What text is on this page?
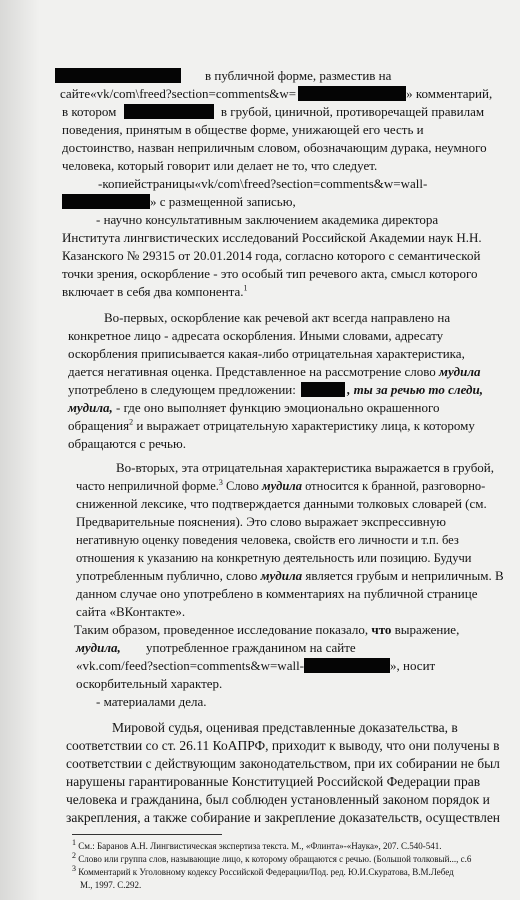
в публичной форме, разместив на
сайте«vk/com\freed?section=comments&w=	» комментарий,
в котором	в грубой, циничной, противоречащей правилам
поведения, принятым в обществе форме, унижающей его честь и
достоинство, назван неприличным словом, обозначающим дурака, неумного
человека, который говорит или делает не то, что следует.
-копиейстраницы«vk/com\freed?section=comments&w=wall-
» с размещенной записью,
- научно консультативным заключением академика директора
Института лингвистических исследований Российской Академии наук Н.Н.
Казанского № 29315 от 20.01.2014 года, согласно которого с семантической
точки зрения, оскорбление - это особый тип речевого акта, смысл которого
включает в себя два компонента.$^1$
Во-первых, оскорбление как речевой акт всегда направлено на
конкретное лицо - адресата оскорбления. Иными словами, адресату
оскорбления приписывается какая-либо отрицательная характеристика,
дается негативная оценка. Представленное на рассмотрение слово мудила
употреблено в следующем предложении:	, ты за речью то следи,
мудила, - где оно выполняет функцию эмоционально окрашенного
обращения$^2$ и выражает отрицательную характеристику лица, к которому
обращаются с речью.
Во-вторых, эта отрицательная характеристика выражается в грубой,
часто неприличной форме.$^3$ Слово мудила относится к бранной, разговорно-
сниженной лексике, что подтверждается данными толковых словарей (см.
Предварительные пояснения). Это слово выражает экспрессивную
негативную оценку поведения человека, свойств его личности и т.п. без
отношения к указанию на конкретную деятельность или позицию. Будучи
употребленным публично, слово мудила является грубым и неприличным. В
данном случае оно употреблено в комментариях на публичной странице
сайта «ВКонтакте».
Таким образом, проведенное исследование показало, что выражение,
мудила, употребленное гражданином на сайте
«vk.com/feed?section=comments&w=wall-	», носит
оскорбительный характер.
- материалами дела.
Мировой судья, оценивая представленные доказательства, в
соответствии со ст. 26.11 КоАПРФ, приходит к выводу, что они получены в
соответствии с действующим законодательством, при их собирании не был
нарушены гарантированные Конституцией Российской Федерации прав
человека и гражданина, был соблюден установленный законом порядок и
закрепления, а также собирание и закрепление доказательств, осуществлен
1 См.: Баранов А.Н. Лингвистическая экспертиза текста. М., «Флинта»-«Наука», 207. С.540-541.
2 Слово или группа слов, называющие лицо, к которому обращаются с речью. (Большой толковый..., с.6
3 Комментарий к Уголовному кодексу Российской Федерации/Под. ред. Ю.И.Скуратова, В.М.Лебед
М., 1997. С.292.
